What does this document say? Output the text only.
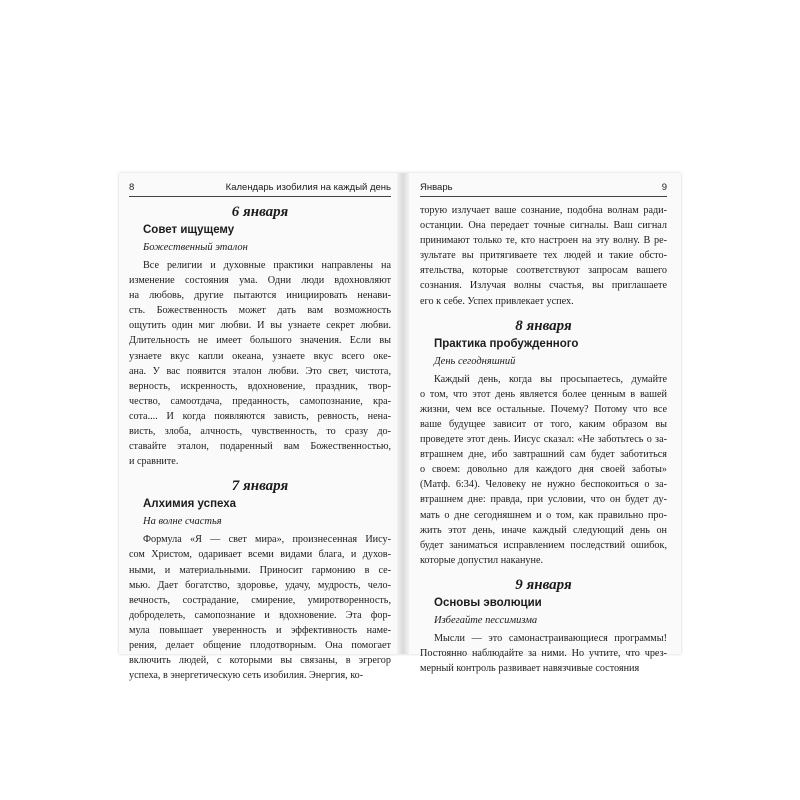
8	Календарь изобилия на каждый день
6 января
Совет ищущему
Божественный эталон
Все религии и духовные практики направлены на
изменение состояния ума. Одни люди вдохновляют
на любовь, другие пытаются инициировать ненави-
сть. Божественность может дать вам возможность
ощутить один миг любви. И вы узнаете секрет любви.
Длительность не имеет большого значения. Если вы
узнаете вкус капли океана, узнаете вкус всего оке-
ана. У вас появится эталон любви. Это свет, чистота,
верность, искренность, вдохновение, праздник, твор-
чество, самоотдача, преданность, самопознание, кра-
сота.... И когда появляются зависть, ревность, нена-
висть, злоба, алчность, чувственность, то сразу до-
ставайте эталон, подаренный вам Божественностью,
и сравните.
7 января
Алхимия успеха
На волне счастья
Формула «Я — свет мира», произнесенная Иису-
сом Христом, одаривает всеми видами блага, и духов-
ными, и материальными. Приносит гармонию в се-
мью. Дает богатство, здоровье, удачу, мудрость, чело-
вечность, сострадание, смирение, умиротворенность,
доброделеть, самопознание и вдохновение. Эта фор-
мула повышает уверенность и эффективность наме-
рения, делает общение плодотворным. Она помогает
включить людей, с которыми вы связаны, в эгрегор
успеха, в энергетическую сеть изобилия. Энергия, ко-
Январь	9
торую излучает ваше сознание, подобна волнам ради-
останции. Она передает точные сигналы. Ваш сигнал
принимают только те, кто настроен на эту волну. В ре-
зультате вы притягиваете тех людей и такие обсто-
ятельства, которые соответствуют запросам вашего
сознания. Излучая волны счастья, вы приглашаете
его к себе. Успех привлекает успех.
8 января
Практика пробужденного
День сегодняшний
Каждый день, когда вы просыпаетесь, думайте
о том, что этот день является более ценным в вашей
жизни, чем все остальные. Почему? Потому что все
ваше будущее зависит от того, каким образом вы
проведете этот день. Иисус сказал: «Не заботьтесь о за-
втрашнем дне, ибо завтрашний сам будет заботиться
о своем: довольно для каждого дня своей заботы»
(Матф. 6:34). Человеку не нужно беспокоиться о за-
втрашнем дне: правда, при условии, что он будет ду-
мать о дне сегодняшнем и о том, как правильно про-
жить этот день, иначе каждый следующий день он
будет заниматься исправлением последствий ошибок,
которые допустил накануне.
9 января
Основы эволюции
Избегайте пессимизма
Мысли — это самонастраивающиеся программы!
Постоянно наблюдайте за ними. Но учтите, что чрез-
мерный контроль развивает навязчивые состояния
